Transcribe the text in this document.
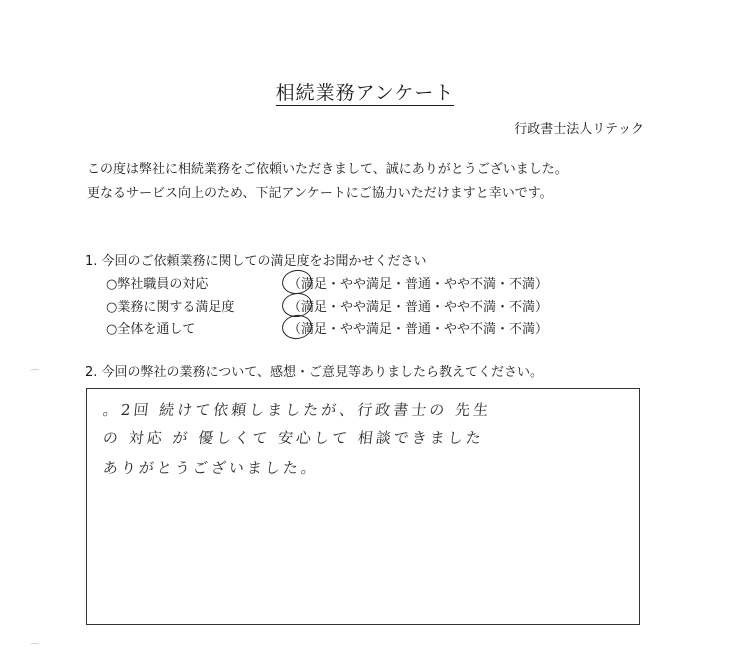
相続業務アンケート
行政書士法人リテック
この度は弊社に相続業務をご依頼いただきまして、誠にありがとうございました。
更なるサービス向上のため、下記アンケートにご協力いただけますと幸いです。
1. 今回のご依頼業務に関しての満足度をお聞かせください
○弊社職員の対応	（満足・やや満足・普通・やや不満・不満）
○業務に関する満足度	（満足・やや満足・普通・やや不満・不満）
○全体を通して	（満足・やや満足・普通・やや不満・不満）
2. 今回の弊社の業務について、感想・ご意見等ありましたら教えてください。
。2回 続けて依頼しましたが、行政書士の 先生
の 対応 が 優しくて 安心して 相談できました
ありがとうございました。
⌒
⌒
